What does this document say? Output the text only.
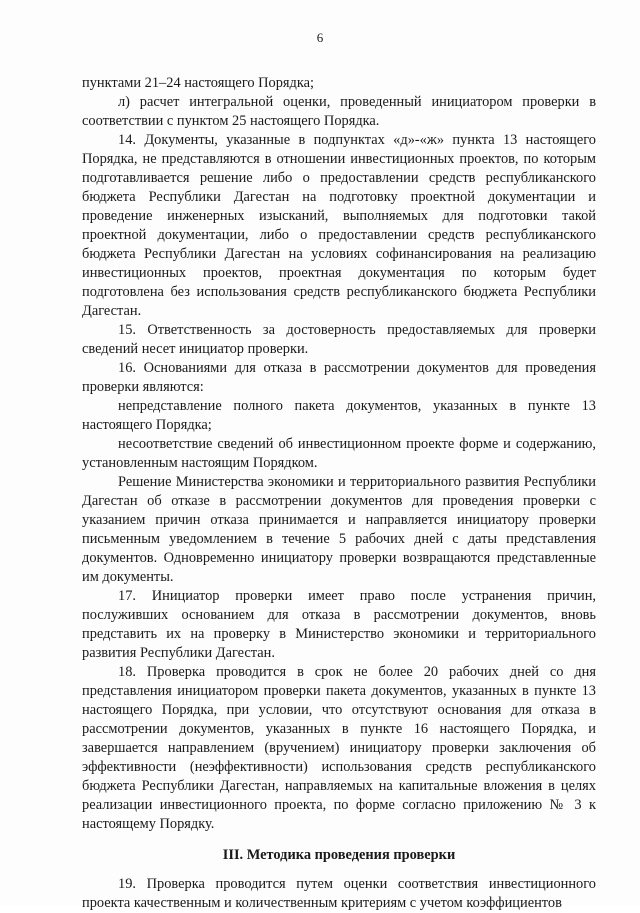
6

пунктами 21–24 настоящего Порядка;

л) расчет интегральной оценки, проведенный инициатором проверки в соответствии с пунктом 25 настоящего Порядка.

14. Документы, указанные в подпунктах «д»-«ж» пункта 13 настоящего Порядка, не представляются в отношении инвестиционных проектов, по которым подготавливается решение либо о предоставлении средств республиканского бюджета Республики Дагестан на подготовку проектной документации и проведение инженерных изысканий, выполняемых для подготовки такой проектной документации, либо о предоставлении средств республиканского бюджета Республики Дагестан на условиях софинансирования на реализацию инвестиционных проектов, проектная документация по которым будет подготовлена без использования средств республиканского бюджета Республики Дагестан.

15. Ответственность за достоверность предоставляемых для проверки сведений несет инициатор проверки.

16. Основаниями для отказа в рассмотрении документов для проведения проверки являются:

непредставление полного пакета документов, указанных в пункте 13 настоящего Порядка;

несоответствие сведений об инвестиционном проекте форме и содержанию, установленным настоящим Порядком.

Решение Министерства экономики и территориального развития Республики Дагестан об отказе в рассмотрении документов для проведения проверки с указанием причин отказа принимается и направляется инициатору проверки письменным уведомлением в течение 5 рабочих дней с даты представления документов. Одновременно инициатору проверки возвращаются представленные им документы.

17. Инициатор проверки имеет право после устранения причин, послуживших основанием для отказа в рассмотрении документов, вновь представить их на проверку в Министерство экономики и территориального развития Республики Дагестан.

18. Проверка проводится в срок не более 20 рабочих дней со дня представления инициатором проверки пакета документов, указанных в пункте 13 настоящего Порядка, при условии, что отсутствуют основания для отказа в рассмотрении документов, указанных в пункте 16 настоящего Порядка, и завершается направлением (вручением) инициатору проверки заключения об эффективности (неэффективности) использования средств республиканского бюджета Республики Дагестан, направляемых на капитальные вложения в целях реализации инвестиционного проекта, по форме согласно приложению № 3 к настоящему Порядку.

III. Методика проведения проверки

19. Проверка проводится путем оценки соответствия инвестиционного проекта качественным и количественным критериям с учетом коэффициентов
